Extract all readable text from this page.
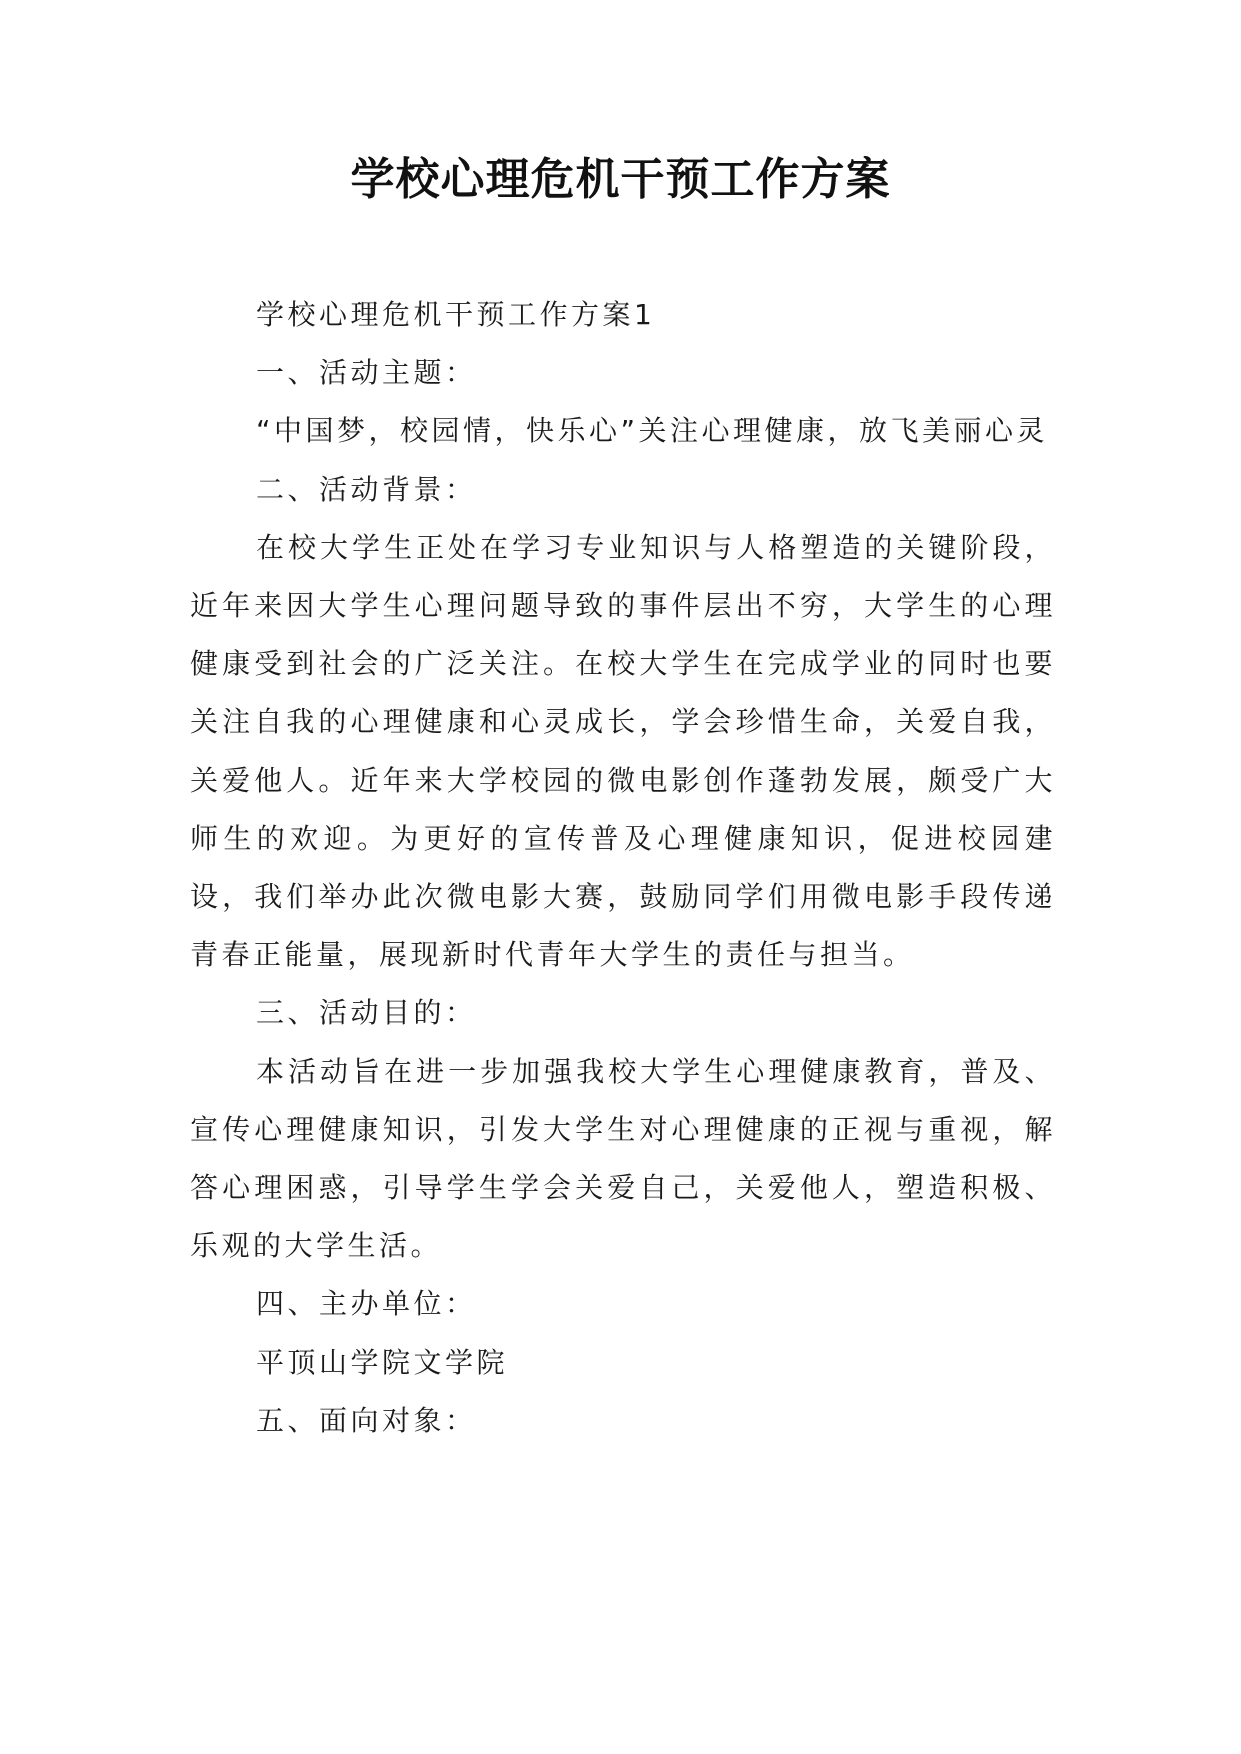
学校心理危机干预工作方案

学校心理危机干预工作方案1

一、活动主题：

“中国梦，校园情，快乐心”关注心理健康，放飞美丽心灵

二、活动背景：

在校大学生正处在学习专业知识与人格塑造的关键阶段，近年来因大学生心理问题导致的事件层出不穷，大学生的心理健康受到社会的广泛关注。在校大学生在完成学业的同时也要关注自我的心理健康和心灵成长，学会珍惜生命，关爱自我，关爱他人。近年来大学校园的微电影创作蓬勃发展，颇受广大师生的欢迎。为更好的宣传普及心理健康知识，促进校园建设，我们举办此次微电影大赛，鼓励同学们用微电影手段传递青春正能量，展现新时代青年大学生的责任与担当。

三、活动目的：

本活动旨在进一步加强我校大学生心理健康教育，普及、宣传心理健康知识，引发大学生对心理健康的正视与重视，解答心理困惑，引导学生学会关爱自己，关爱他人，塑造积极、乐观的大学生活。

四、主办单位：

平顶山学院文学院

五、面向对象：
